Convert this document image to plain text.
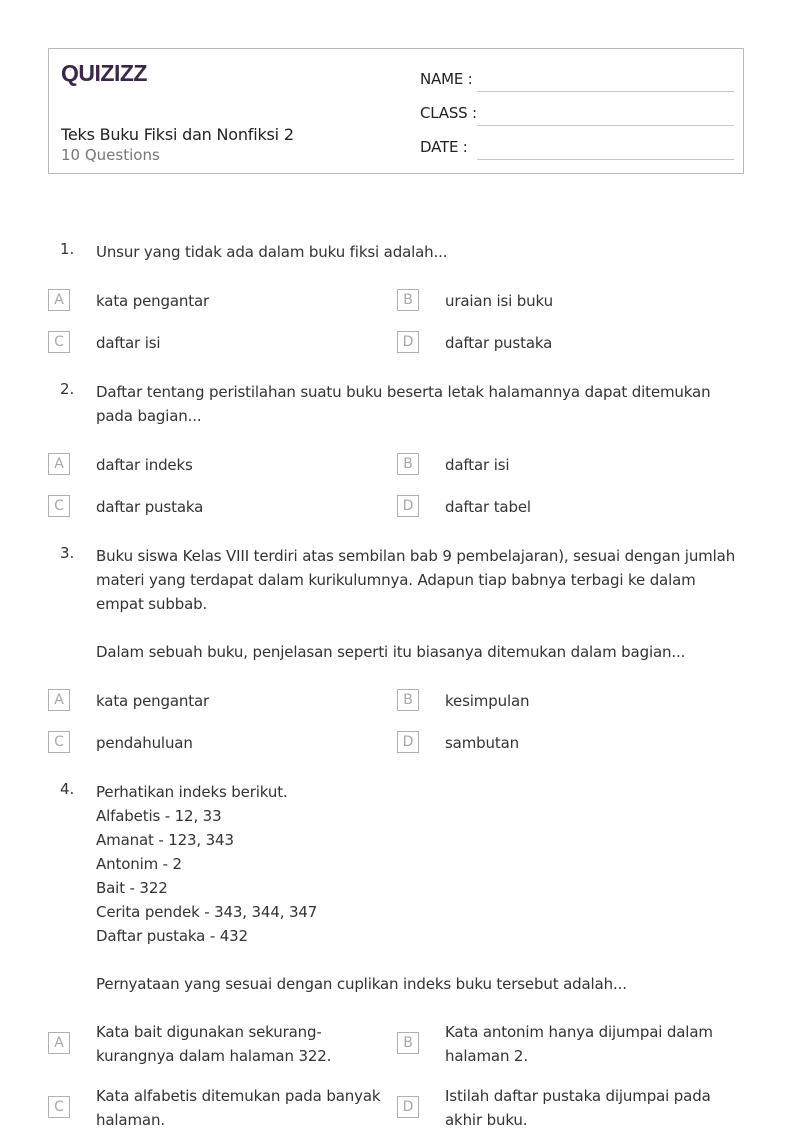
QUIZIZZ
Teks Buku Fiksi dan Nonfiksi 2
10 Questions
NAME :
CLASS :
DATE :
1. Unsur yang tidak ada dalam buku fiksi adalah...
A	kata pengantar	B	uraian isi buku
C	daftar isi	D	daftar pustaka
2. Daftar tentang peristilahan suatu buku beserta letak halamannya dapat ditemukan pada bagian...
A	daftar indeks	B	daftar isi
C	daftar pustaka	D	daftar tabel
3. Buku siswa Kelas VIII terdiri atas sembilan bab 9 pembelajaran), sesuai dengan jumlah materi yang terdapat dalam kurikulumnya. Adapun tiap babnya terbagi ke dalam empat subbab.

Dalam sebuah buku, penjelasan seperti itu biasanya ditemukan dalam bagian...
A	kata pengantar	B	kesimpulan
C	pendahuluan	D	sambutan
4. Perhatikan indeks berikut.
Alfabetis - 12, 33
Amanat - 123, 343
Antonim - 2
Bait - 322
Cerita pendek - 343, 344, 347
Daftar pustaka - 432

Pernyataan yang sesuai dengan cuplikan indeks buku tersebut adalah...
A
Kata bait digunakan sekurang-kurangnya dalam halaman 322.
B
Kata antonim hanya dijumpai dalam halaman 2.
C
Kata alfabetis ditemukan pada banyak halaman.
D
Istilah daftar pustaka dijumpai pada akhir buku.
